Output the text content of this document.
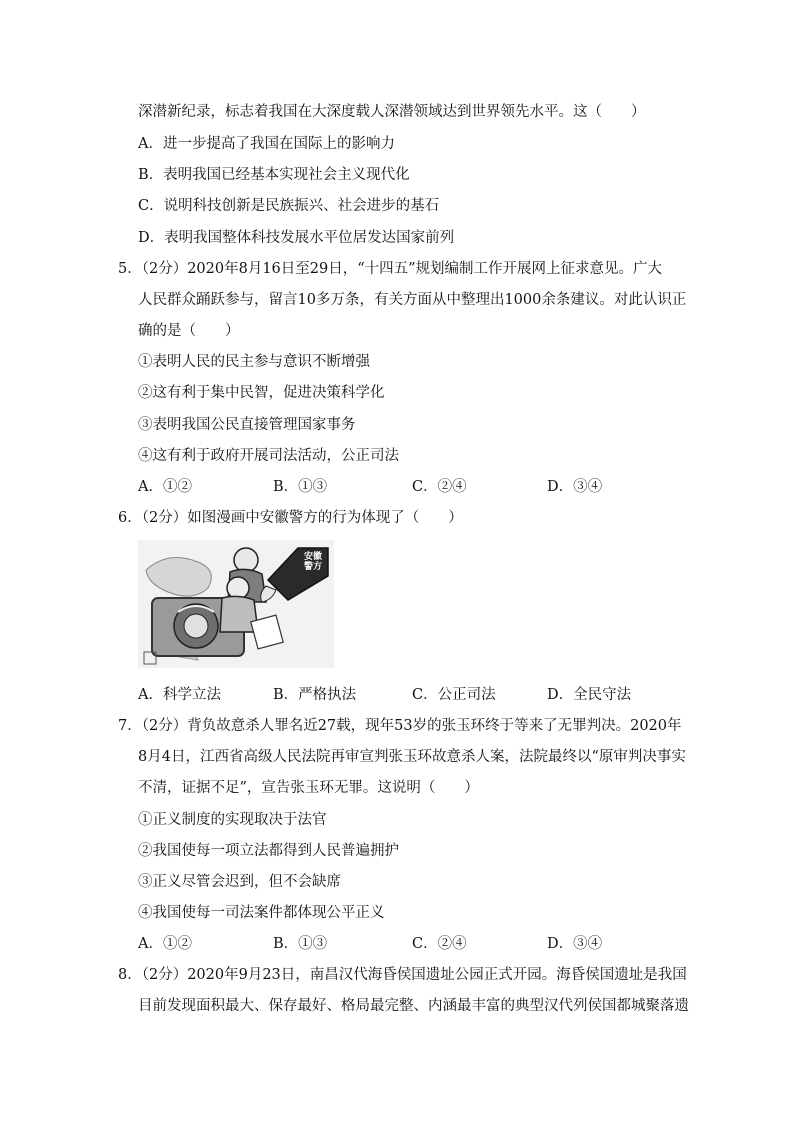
深潜新纪录，标志着我国在大深度载人深潜领域达到世界领先水平。这（　　）
A．进一步提高了我国在国际上的影响力
B．表明我国已经基本实现社会主义现代化
C．说明科技创新是民族振兴、社会进步的基石
D．表明我国整体科技发展水平位居发达国家前列
5．（2分）2020年8月16日至29日，“十四五”规划编制工作开展网上征求意见。广大
人民群众踊跃参与，留言10多万条，有关方面从中整理出1000余条建议。对此认识正
确的是（　　）
①表明人民的民主参与意识不断增强
②这有利于集中民智，促进决策科学化
③表明我国公民直接管理国家事务
④这有利于政府开展司法活动，公正司法
A．①②	B．①③	C．②④	D．③④
6．（2分）如图漫画中安徽警方的行为体现了（　　）
安徽警方
A．科学立法	B．严格执法	C．公正司法	D．全民守法
7．（2分）背负故意杀人罪名近27载，现年53岁的张玉环终于等来了无罪判决。2020年
8月4日，江西省高级人民法院再审宣判张玉环故意杀人案，法院最终以“原审判决事实
不清，证据不足”，宣告张玉环无罪。这说明（　　）
①正义制度的实现取决于法官
②我国使每一项立法都得到人民普遍拥护
③正义尽管会迟到，但不会缺席
④我国使每一司法案件都体现公平正义
A．①②	B．①③	C．②④	D．③④
8．（2分）2020年9月23日，南昌汉代海昏侯国遗址公园正式开园。海昏侯国遗址是我国
目前发现面积最大、保存最好、格局最完整、内涵最丰富的典型汉代列侯国都城聚落遗
